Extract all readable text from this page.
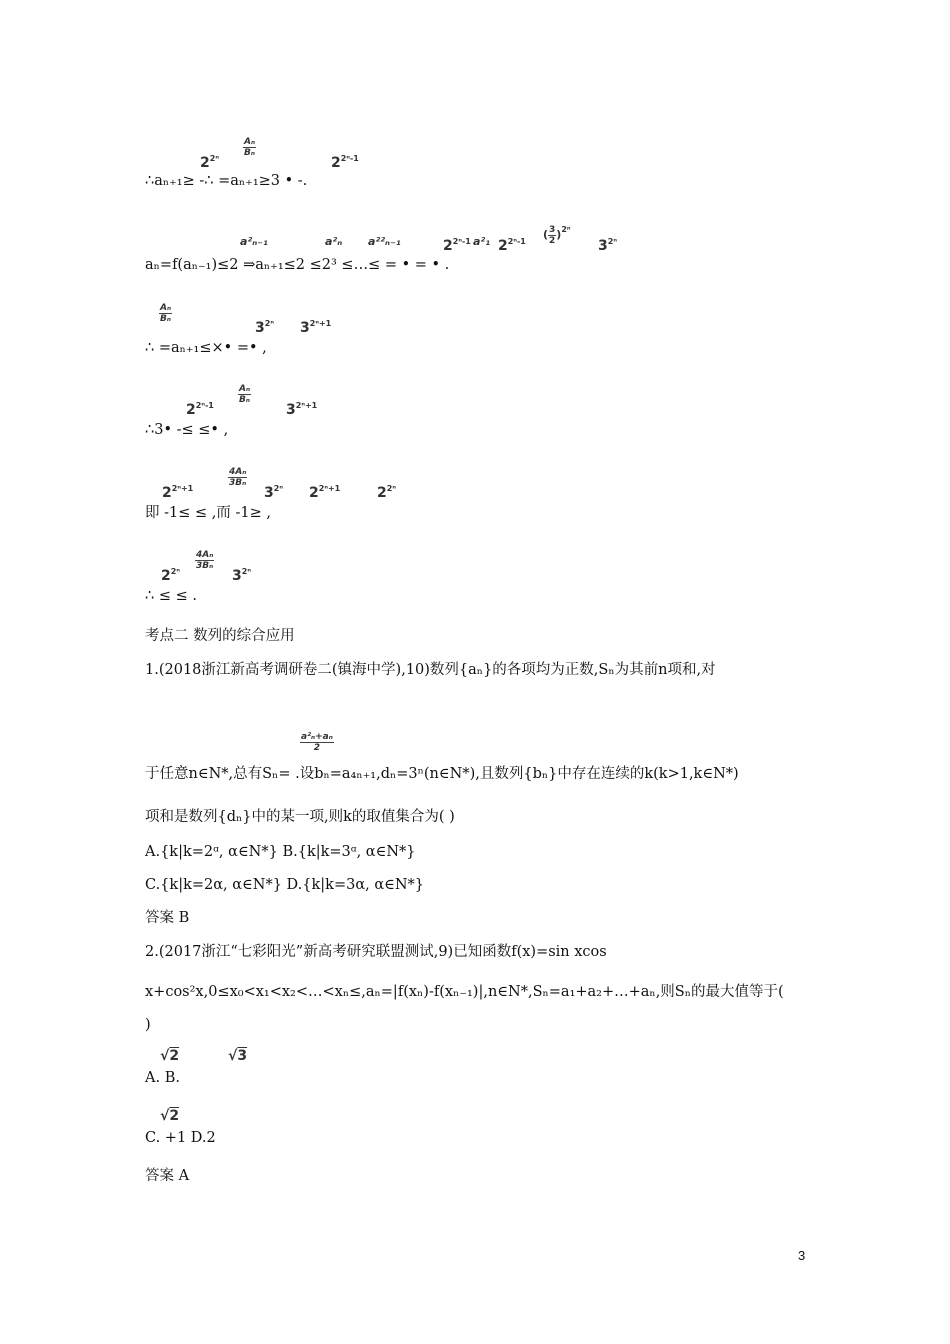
$2^{2^n}$
$\frac{\text{Aₙ}}{\text{Bₙ}}$
$2^{2^n-1}$
∴aₙ₊₁≥ -∴ =aₙ₊₁≥3 • -.
a²ₙ₋₁	a²ₙ a²²ₙ₋₁	$2^{2^n-1}$ a²₁ $2^{2^n-1}$
( $\frac{3}{2} )^{2^n}$
$3^{2^n}$
aₙ=f(aₙ₋₁)≤2 ⇒aₙ₊₁≤2 ≤2³ ≤…≤ = • = • .
$\frac{\text{Aₙ}}{\text{Bₙ}}$
$3^{2^n}$ $3^{2^n+1}$
∴ =aₙ₊₁≤×• =• ,
$2^{2^n-1}$
$\frac{\text{Aₙ}}{\text{Bₙ}}$
$3^{2^n+1}$
∴3• -≤ ≤• ,
$2^{2^n+1}$
$\frac{\text{4Aₙ}}{\text{3Bₙ}}$
$3^{2^n}$ $2^{2^n+1}$	$2^{2^n}$
即 -1≤ ≤ ,而 -1≥ ,
$2^{2^n}$
$\frac{\text{4Aₙ}}{\text{3Bₙ}}$
$3^{2^n}$
∴ ≤ ≤ .
考点二 数列的综合应用
1.(2018浙江新高考调研卷二(镇海中学),10)数列{aₙ}的各项均为正数,Sₙ为其前n项和,对
$\frac{\text{a²ₙ+aₙ}}{2}$
于任意n∈N*,总有Sₙ= .设bₙ=a₄ₙ₊₁,dₙ=3ⁿ(n∈N*),且数列{bₙ}中存在连续的k(k>1,k∈N*)
项和是数列{dₙ}中的某一项,则k的取值集合为( )
A.{k|k=2ᵅ, α∈N*} B.{k|k=3ᵅ, α∈N*}
C.{k|k=2α, α∈N*} D.{k|k=3α, α∈N*}
答案 B
2.(2017浙江“七彩阳光”新高考研究联盟测试,9)已知函数f(x)=sin xcos
x+cos²x,0≤x₀<x₁<x₂<…<xₙ≤,aₙ=|f(xₙ)-f(xₙ₋₁)|,n∈N*,Sₙ=a₁+a₂+…+aₙ,则Sₙ的最大值等于(
)
√2	√3
A. B.
√2
C. +1 D.2
答案 A
3
